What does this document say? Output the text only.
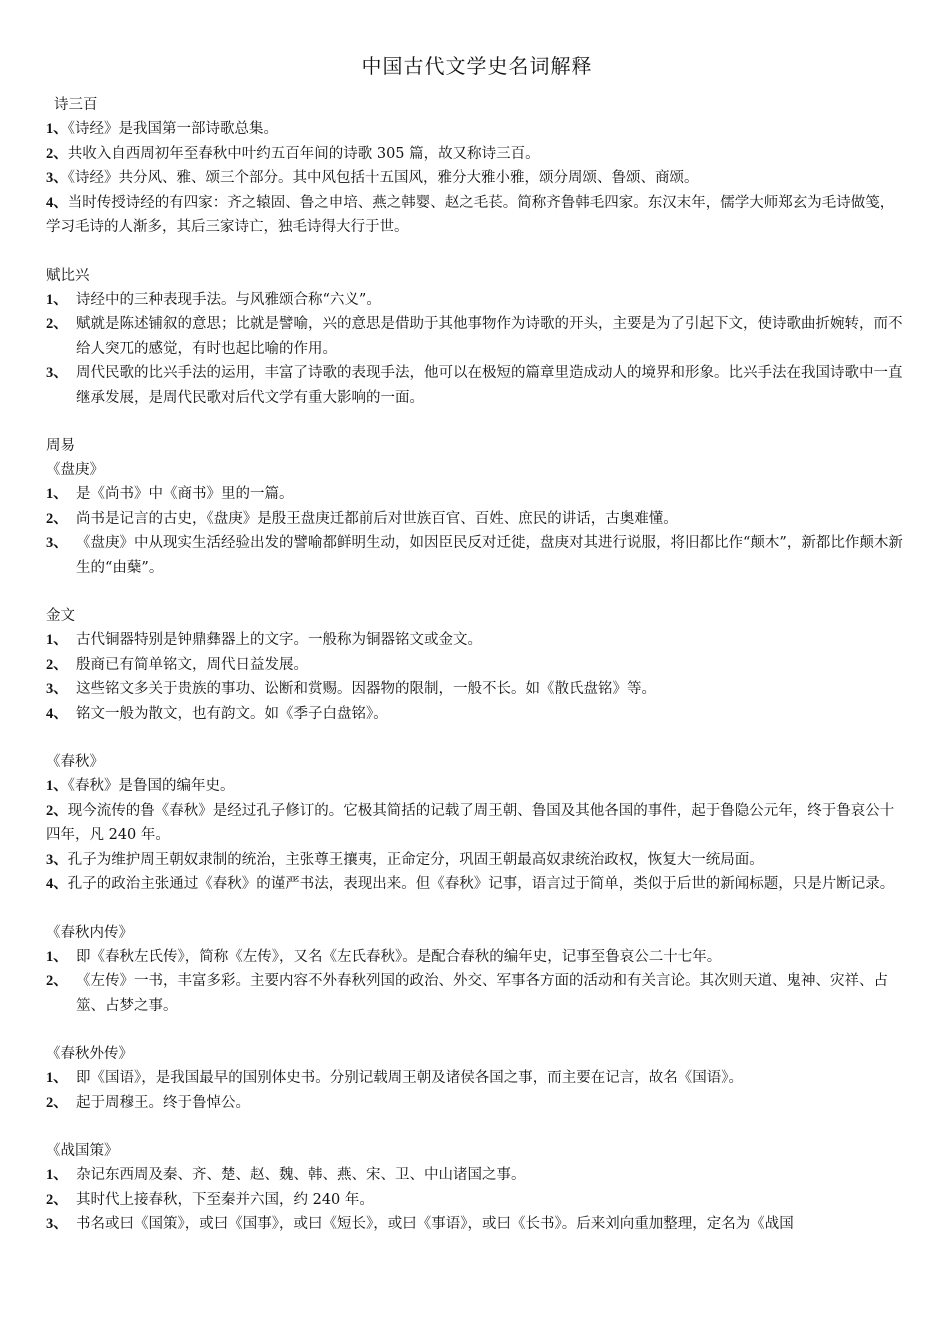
中国古代文学史名词解释
诗三百
1、《诗经》是我国第一部诗歌总集。
2、共收入自西周初年至春秋中叶约五百年间的诗歌 305 篇，故又称诗三百。
3、《诗经》共分风、雅、颂三个部分。其中风包括十五国风，雅分大雅小雅，颂分周颂、鲁颂、商颂。
4、当时传授诗经的有四家：齐之辕固、鲁之申培、燕之韩婴、赵之毛苌。简称齐鲁韩毛四家。东汉末年，儒学大师郑玄为毛诗做笺，学习毛诗的人渐多，其后三家诗亡，独毛诗得大行于世。
赋比兴
1、 诗经中的三种表现手法。与风雅颂合称“六义”。
2、 赋就是陈述铺叙的意思；比就是譬喻，兴的意思是借助于其他事物作为诗歌的开头，主要是为了引起下文，使诗歌曲折婉转，而不给人突兀的感觉，有时也起比喻的作用。
3、 周代民歌的比兴手法的运用，丰富了诗歌的表现手法，他可以在极短的篇章里造成动人的境界和形象。比兴手法在我国诗歌中一直继承发展，是周代民歌对后代文学有重大影响的一面。
周易
《盘庚》
1、 是《尚书》中《商书》里的一篇。
2、 尚书是记言的古史，《盘庚》是殷王盘庚迁都前后对世族百官、百姓、庶民的讲话，古奥难懂。
3、 《盘庚》中从现实生活经验出发的譬喻都鲜明生动，如因臣民反对迁徙，盘庚对其进行说服，将旧都比作“颠木”，新都比作颠木新生的“由蘖”。
金文
1、 古代铜器特别是钟鼎彝器上的文字。一般称为铜器铭文或金文。
2、 殷商已有简单铭文，周代日益发展。
3、 这些铭文多关于贵族的事功、讼断和赏赐。因器物的限制，一般不长。如《散氏盘铭》等。
4、 铭文一般为散文，也有韵文。如《季子白盘铭》。
《春秋》
1、《春秋》是鲁国的编年史。
2、现今流传的鲁《春秋》是经过孔子修订的。它极其简括的记载了周王朝、鲁国及其他各国的事件，起于鲁隐公元年，终于鲁哀公十四年，凡 240 年。
3、孔子为维护周王朝奴隶制的统治，主张尊王攘夷，正命定分，巩固王朝最高奴隶统治政权，恢复大一统局面。
4、孔子的政治主张通过《春秋》的谨严书法，表现出来。但《春秋》记事，语言过于简单，类似于后世的新闻标题，只是片断记录。
《春秋内传》
1、 即《春秋左氏传》，简称《左传》，又名《左氏春秋》。是配合春秋的编年史，记事至鲁哀公二十七年。
2、 《左传》一书，丰富多彩。主要内容不外春秋列国的政治、外交、军事各方面的活动和有关言论。其次则天道、鬼神、灾祥、占筮、占梦之事。
《春秋外传》
1、 即《国语》，是我国最早的国别体史书。分别记载周王朝及诸侯各国之事，而主要在记言，故名《国语》。
2、 起于周穆王。终于鲁悼公。
《战国策》
1、 杂记东西周及秦、齐、楚、赵、魏、韩、燕、宋、卫、中山诸国之事。
2、 其时代上接春秋，下至秦并六国，约 240 年。
3、 书名或曰《国策》，或曰《国事》，或曰《短长》，或曰《事语》，或曰《长书》。后来刘向重加整理，定名为《战国
